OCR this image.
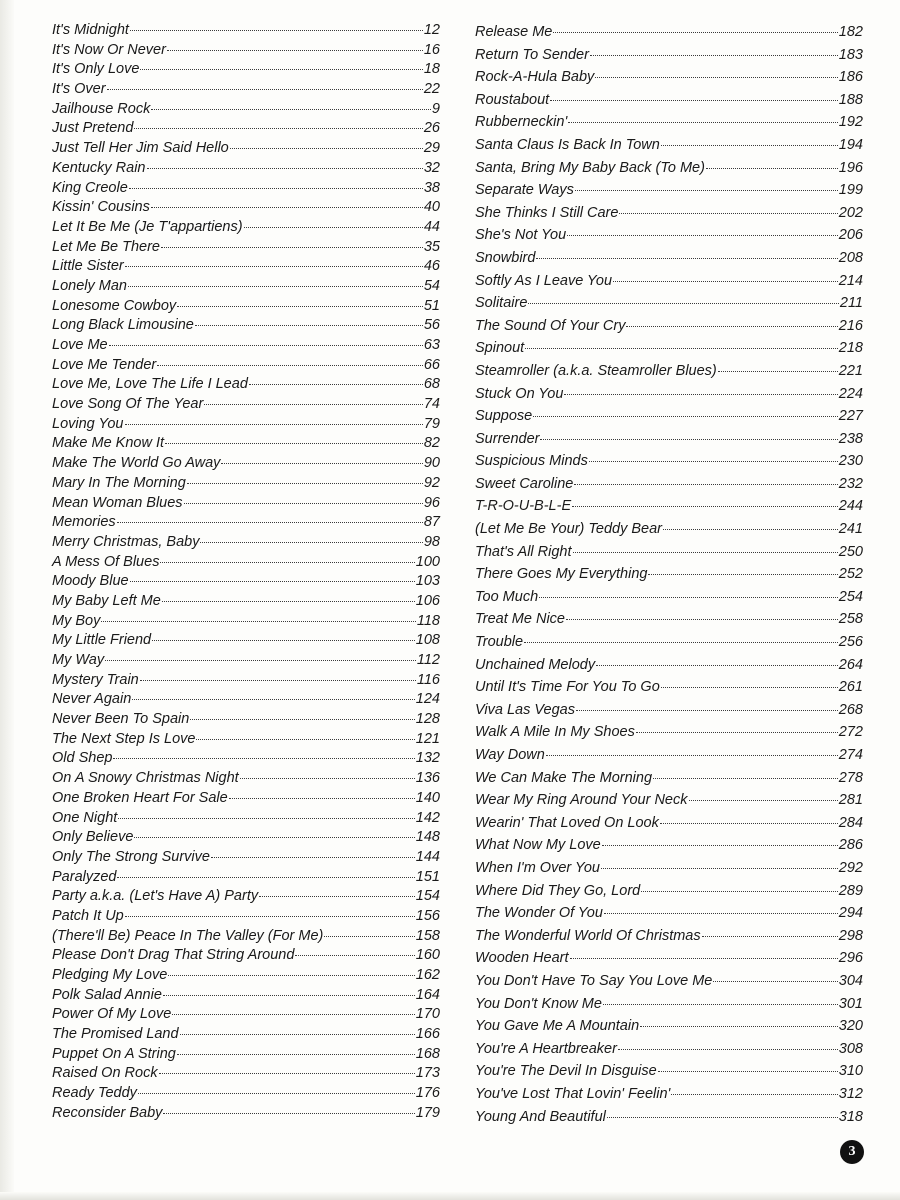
It's Midnight	12
It's Now Or Never	16
It's Only Love	18
It's Over	22
Jailhouse Rock	9
Just Pretend	26
Just Tell Her Jim Said Hello	29
Kentucky Rain	32
King Creole	38
Kissin' Cousins	40
Let It Be Me (Je T'appartiens)	44
Let Me Be There	35
Little Sister	46
Lonely Man	54
Lonesome Cowboy	51
Long Black Limousine	56
Love Me	63
Love Me Tender	66
Love Me, Love The Life I Lead	68
Love Song Of The Year	74
Loving You	79
Make Me Know It	82
Make The World Go Away	90
Mary In The Morning	92
Mean Woman Blues	96
Memories	87
Merry Christmas, Baby	98
A Mess Of Blues	100
Moody Blue	103
My Baby Left Me	106
My Boy	118
My Little Friend	108
My Way	112
Mystery Train	116
Never Again	124
Never Been To Spain	128
The Next Step Is Love	121
Old Shep	132
On A Snowy Christmas Night	136
One Broken Heart For Sale	140
One Night	142
Only Believe	148
Only The Strong Survive	144
Paralyzed	151
Party a.k.a. (Let's Have A) Party	154
Patch It Up	156
(There'll Be) Peace In The Valley (For Me)	158
Please Don't Drag That String Around	160
Pledging My Love	162
Polk Salad Annie	164
Power Of My Love	170
The Promised Land	166
Puppet On A String	168
Raised On Rock	173
Ready Teddy	176
Reconsider Baby	179
Release Me	182
Return To Sender	183
Rock-A-Hula Baby	186
Roustabout	188
Rubberneckin'	192
Santa Claus Is Back In Town	194
Santa, Bring My Baby Back (To Me)	196
Separate Ways	199
She Thinks I Still Care	202
She's Not You	206
Snowbird	208
Softly As I Leave You	214
Solitaire	211
The Sound Of Your Cry	216
Spinout	218
Steamroller (a.k.a. Steamroller Blues)	221
Stuck On You	224
Suppose	227
Surrender	238
Suspicious Minds	230
Sweet Caroline	232
T-R-O-U-B-L-E	244
(Let Me Be Your) Teddy Bear	241
That's All Right	250
There Goes My Everything	252
Too Much	254
Treat Me Nice	258
Trouble	256
Unchained Melody	264
Until It's Time For You To Go	261
Viva Las Vegas	268
Walk A Mile In My Shoes	272
Way Down	274
We Can Make The Morning	278
Wear My Ring Around Your Neck	281
Wearin' That Loved On Look	284
What Now My Love	286
When I'm Over You	292
Where Did They Go, Lord	289
The Wonder Of You	294
The Wonderful World Of Christmas	298
Wooden Heart	296
You Don't Have To Say You Love Me	304
You Don't Know Me	301
You Gave Me A Mountain	320
You're A Heartbreaker	308
You're The Devil In Disguise	310
You've Lost That Lovin' Feelin'	312
Young And Beautiful	318
3
